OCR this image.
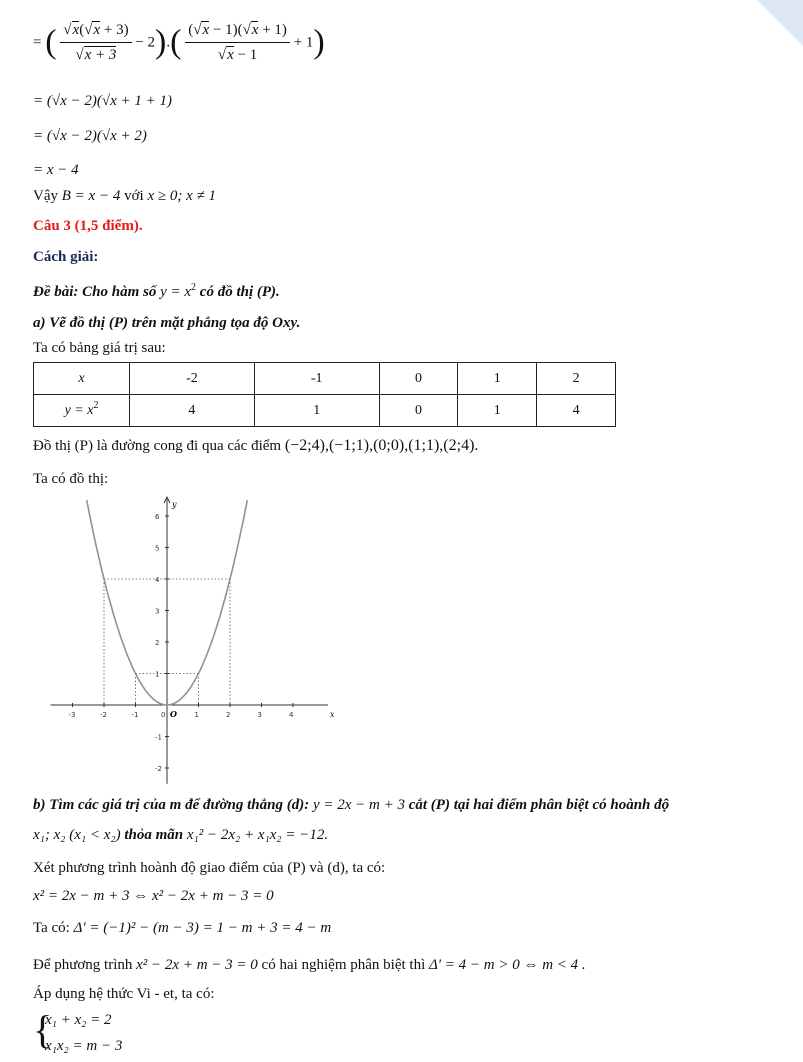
= ( $\frac{√x(√x + 3)}{√x + 3} - 2).( \frac{(√x - 1)(√x + 1)}{√x - 1} + 1)$
= (√x − 2)(√x + 1 + 1)
= (√x − 2)(√x + 2)
= x − 4
Vậy B = x − 4 với x ≥ 0; x ≠ 1
Câu 3 (1,5 điểm).
Cách giải:
Đề bài: Cho hàm số $y = x^2$ có đồ thị (P).
a) Vẽ đồ thị (P) trên mặt phẳng tọa độ Oxy.
Ta có bảng giá trị sau:
x	-2	-1	0	1	2
$y = x^2$	4	1	0	1	4
Đồ thị (P) là đường cong đi qua các điểm (−2;4),(−1;1),(0;0),(1;1),(2;4).
Ta có đồ thị:
x
y
O
-3	-2	-1	0	1	2	3	4
-2
-1
1
2
3
4
5
6
b) Tìm các giá trị của m để đường thẳng (d): y = 2x − m + 3 cắt (P) tại hai điểm phân biệt có hoành độ
x₁; x₂ (x₁ < x₂) thỏa mãn x₁² − 2x₂ + x₁x₂ = −12.
Xét phương trình hoành độ giao điểm của (P) và (d), ta có:
x² = 2x − m + 3 ⇔ x² − 2x + m − 3 = 0
Ta có: Δ' = (−1)² − (m − 3) = 1 − m + 3 = 4 − m
Để phương trình x² − 2x + m − 3 = 0 có hai nghiệm phân biệt thì Δ' = 4 − m > 0 ⇔ m < 4 .
Áp dụng hệ thức Vi - et, ta có:
{
x₁ + x₂ = 2
x₁x₂ = m − 3
